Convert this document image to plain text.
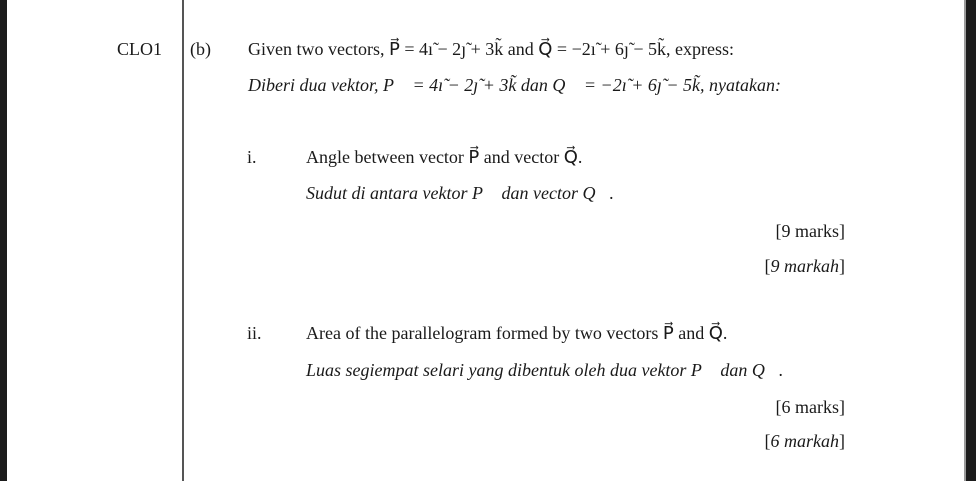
CLO1 (b) Given two vectors, P⃗ = 4ı̃ − 2ȷ̃ + 3k̃ and Q⃗ = −2ı̃ + 6ȷ̃ − 5k̃, express:
Diberi dua vektor, P⃗ = 4ı̃ − 2ȷ̃ + 3k̃ dan Q⃗ = −2ı̃ + 6ȷ̃ − 5k̃, nyatakan:
i.	Angle between vector P⃗ and vector Q⃗.
Sudut di antara vektor P⃗ dan vector Q⃗.
[9 marks]
[9 markah]
ii. Area of the parallelogram formed by two vectors P⃗ and Q⃗.
Luas segiempat selari yang dibentuk oleh dua vektor P⃗ dan Q⃗.
[6 marks]
[6 markah]
